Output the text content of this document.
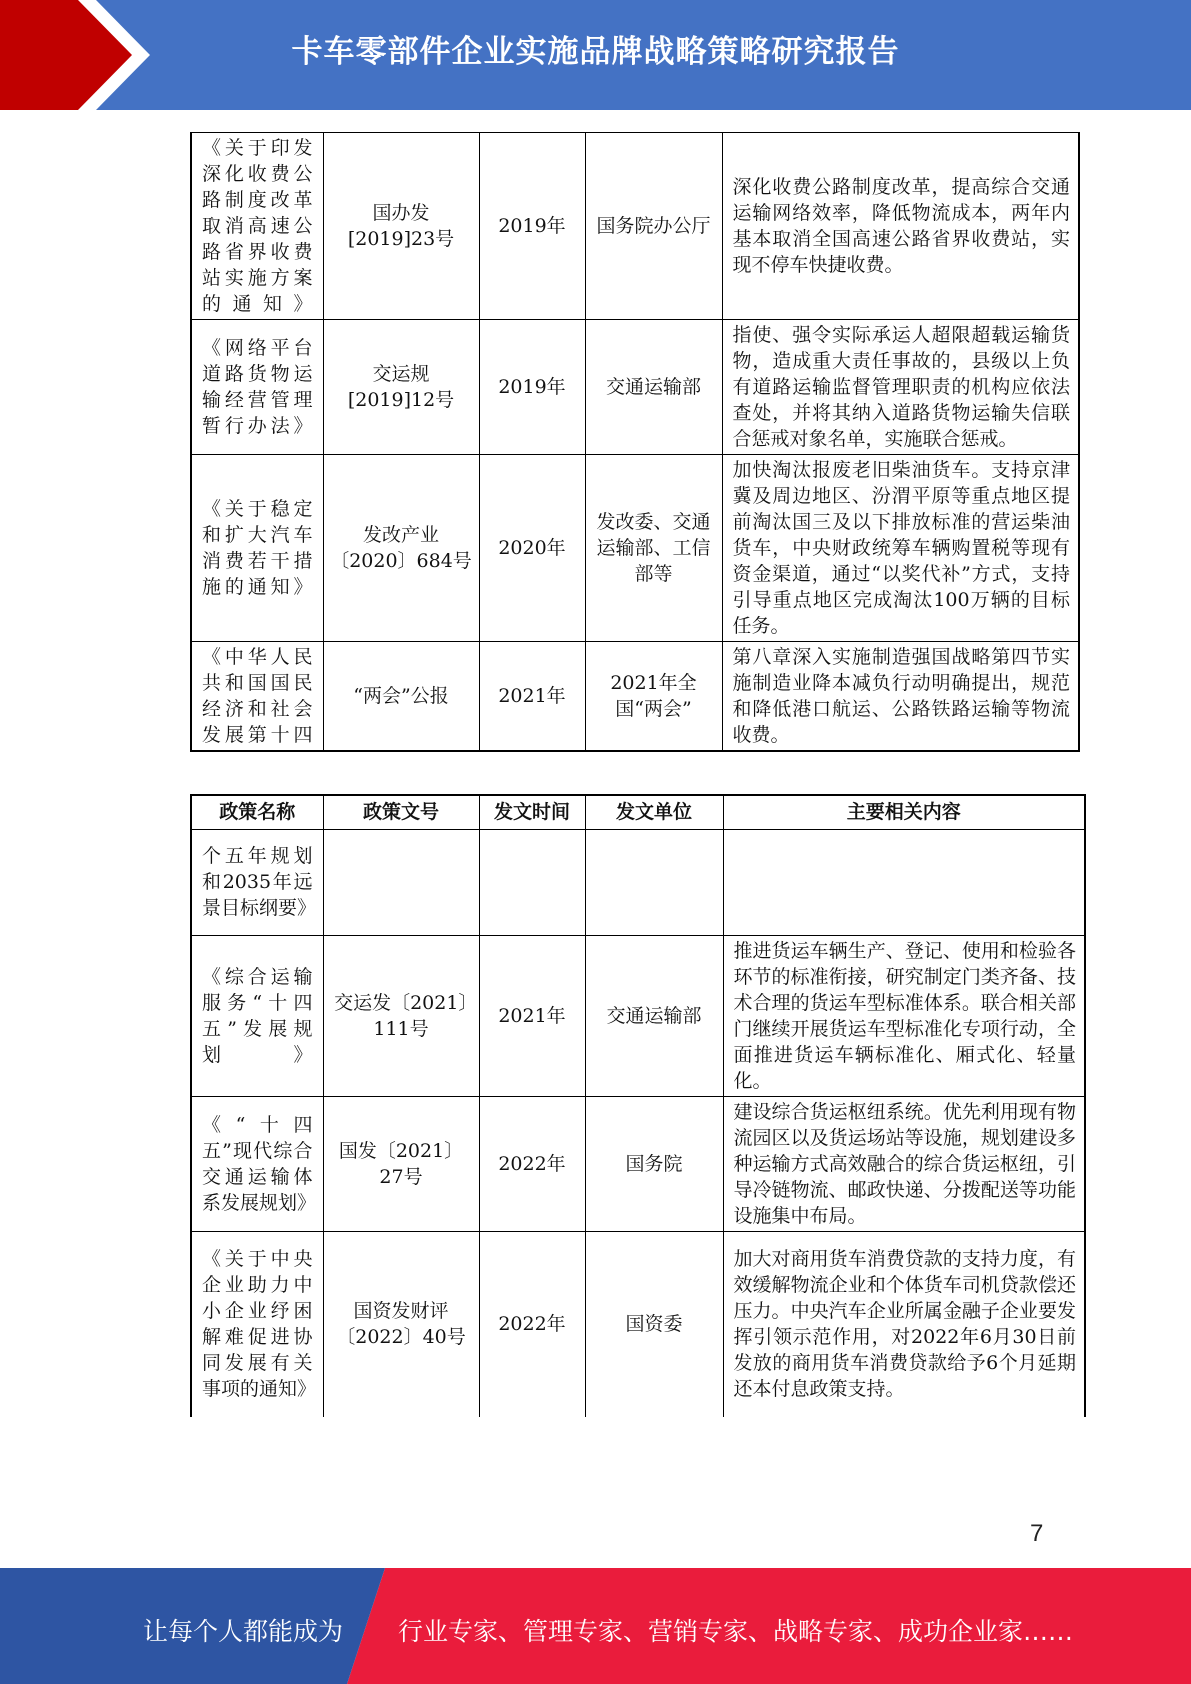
卡车零部件企业实施品牌战略策略研究报告
《关于印发深化收费公路制度改革取消高速公路省界收费站实施方案的通知》	国办发[2019]23号	2019年	国务院办公厅	深化收费公路制度改革，提高综合交通运输网络效率，降低物流成本，两年内基本取消全国高速公路省界收费站，实现不停车快捷收费。
《网络平台道路货物运输经营管理暂行办法》	交运规[2019]12号	2019年	交通运输部	指使、强令实际承运人超限超载运输货物，造成重大责任事故的，县级以上负有道路运输监督管理职责的机构应依法查处，并将其纳入道路货物运输失信联合惩戒对象名单，实施联合惩戒。
《关于稳定和扩大汽车消费若干措施的通知》	发改产业〔2020〕684号	2020年	发改委、交通运输部、工信部等	加快淘汰报废老旧柴油货车。支持京津冀及周边地区、汾渭平原等重点地区提前淘汰国三及以下排放标准的营运柴油货车，中央财政统筹车辆购置税等现有资金渠道，通过“以奖代补”方式，支持引导重点地区完成淘汰100万辆的目标任务。
《中华人民共和国国民经济和社会发展第十四	“两会”公报	2021年	2021年全国“两会”	第八章深入实施制造强国战略第四节实施制造业降本减负行动明确提出，规范和降低港口航运、公路铁路运输等物流收费。
政策名称	政策文号	发文时间	发文单位	主要相关内容
个五年规划和2035年远景目标纲要》				
《综合运输服务“十四五”发展规划》	交运发〔2021〕111号	2021年	交通运输部	推进货运车辆生产、登记、使用和检验各环节的标准衔接，研究制定门类齐备、技术合理的货运车型标准体系。联合相关部门继续开展货运车型标准化专项行动，全面推进货运车辆标准化、厢式化、轻量化。
《“十四五”现代综合交通运输体系发展规划》	国发〔2021〕27号	2022年	国务院	建设综合货运枢纽系统。优先利用现有物流园区以及货运场站等设施，规划建设多种运输方式高效融合的综合货运枢纽，引导冷链物流、邮政快递、分拨配送等功能设施集中布局。
《关于中央企业助力中小企业纾困解难促进协同发展有关事项的通知》	国资发财评〔2022〕40号	2022年	国资委	加大对商用货车消费贷款的支持力度，有效缓解物流企业和个体货车司机贷款偿还压力。中央汽车企业所属金融子企业要发挥引领示范作用，对2022年6月30日前发放的商用货车消费贷款给予6个月延期还本付息政策支持。
7
让每个人都能成为 行业专家、管理专家、营销专家、战略专家、成功企业家……
